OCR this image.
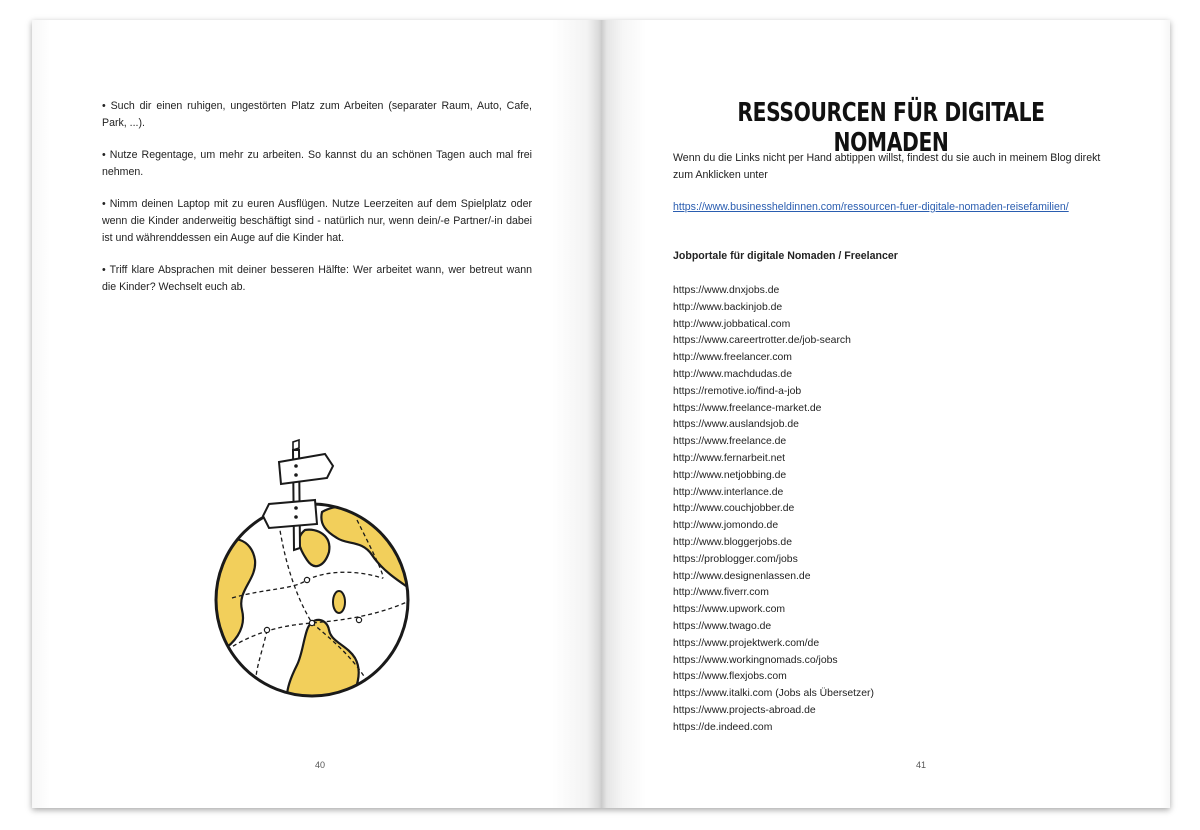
• Such dir einen ruhigen, ungestörten Platz zum Arbeiten (separater Raum, Auto, Cafe, Park, ...).

• Nutze Regentage, um mehr zu arbeiten. So kannst du an schönen Tagen auch mal frei nehmen.

• Nimm deinen Laptop mit zu euren Ausflügen. Nutze Leerzeiten auf dem Spielplatz oder wenn die Kinder anderweitig beschäftigt sind - natürlich nur, wenn dein/-e Partner/-in dabei ist und währenddessen ein Auge auf die Kinder hat.

• Triff klare Absprachen mit deiner besseren Hälfte: Wer arbeitet wann, wer betreut wann die Kinder? Wechselt euch ab.

40
RESSOURCEN FÜR DIGITALE NOMADEN
Wenn du die Links nicht per Hand abtippen willst, findest du sie auch in meinem Blog direkt zum Anklicken unter
https://www.businessheldinnen.com/ressourcen-fuer-digitale-nomaden-reisefamilien/
Jobportale für digitale Nomaden / Freelancer
https://www.dnxjobs.de
http://www.backinjob.de
http://www.jobbatical.com
https://www.careertrotter.de/job-search
http://www.freelancer.com
http://www.machdudas.de
https://remotive.io/find-a-job
https://www.freelance-market.de
https://www.auslandsjob.de
https://www.freelance.de
http://www.fernarbeit.net
http://www.netjobbing.de
http://www.interlance.de
http://www.couchjobber.de
http://www.jomondo.de
http://www.bloggerjobs.de
https://problogger.com/jobs
http://www.designenlassen.de
http://www.fiverr.com
https://www.upwork.com
https://www.twago.de
https://www.projektwerk.com/de
https://www.workingnomads.co/jobs
https://www.flexjobs.com
https://www.italki.com (Jobs als Übersetzer)
https://www.projects-abroad.de
https://de.indeed.com
41
